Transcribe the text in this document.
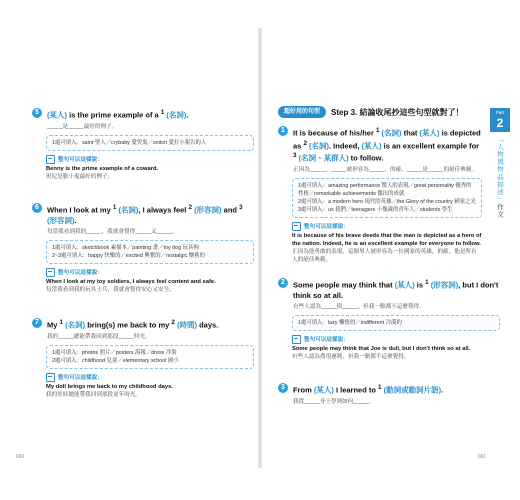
5	(某人) is the prime example of a $^1$ (名詞).
_____是_____最好的例子。
1處可填入：saint 聖人／crybaby 愛哭鬼／snitch 愛打小報告的人
整句可以這樣說：
Benny is the prime example of a coward.
班尼是膽小鬼最好的例子。
6	When I look at my $^1$ (名詞), I always feel $^2$ (形容詞) and $^3$ (形容詞).
每當我看到我的_____，我就會覺得_____又_____。
1處可填入：sketchbook 素描本／painting 畫／toy dog 玩具狗
2~3處可填入：happy 快樂的／excited 興奮的／nostalgic 懷舊的
整句可以這樣說：
When I look at my toy soldiers, I always feel content and safe.
每當我看到我的玩具士兵，我就會覺得安心又安全。
7	My $^1$ (名詞) bring(s) me back to my $^2$ (時間) days.
我的_____總能帶我回到那段_____時光。
1處可填入：photos 照片／posters 海報／dress 洋裝
2處可填入：childhood 兒童／elementary school 國小
整句可以這樣說：
My doll brings me back to my childhood days.
我的娃娃總能帶我回到那段童年時光。
060
超好用的句型	Step 3. 結論收尾抄這些句型就對了！	Part
2
「人物與物品描述」作文
1	It is because of his/her $^1$ (名詞) that (某人) is depicted as $^2$ (名詞). Indeed, (某人) is an excellent example for $^3$ (名詞・某群人) to follow.
正因為_____，_____被形容為_____。的確，_____是_____的絕佳典範。
1處可填入：amazing performance 驚人的表現／great personality 優秀的性格／remarkable achievements 傑出的成就
2處可填入：a modern hero 現代的英雄／the Glory of the country 國家之光
3處可填入：us 我們／teenagers 十幾歲的青年人／students 學生
整句可以這樣說：
It is because of his brave deeds that the man is depicted as a hero of the nation. Indeed, he is an excellent example for everyone to follow.
正因為他勇敢的表現，這個男人被形容為一位國家的英雄。的確，他是所有人的絕佳典範。
2	Some people may think that (某人) is $^1$ (形容詞), but I don't think so at all.
有些人認為_____很_____，但我一點都不這麼覺得。
1處可填入：lazy 懶惰的／indifferent 冷漠的
整句可以這樣說：
Some people may think that Joe is dull, but I don't think so at all.
有些人認為喬很遲鈍，但我一點都不這麼覺得。
3	From (某人) I learned to $^1$ (動詞或動詞片語).
我從_____身上學到如何_____。
061
